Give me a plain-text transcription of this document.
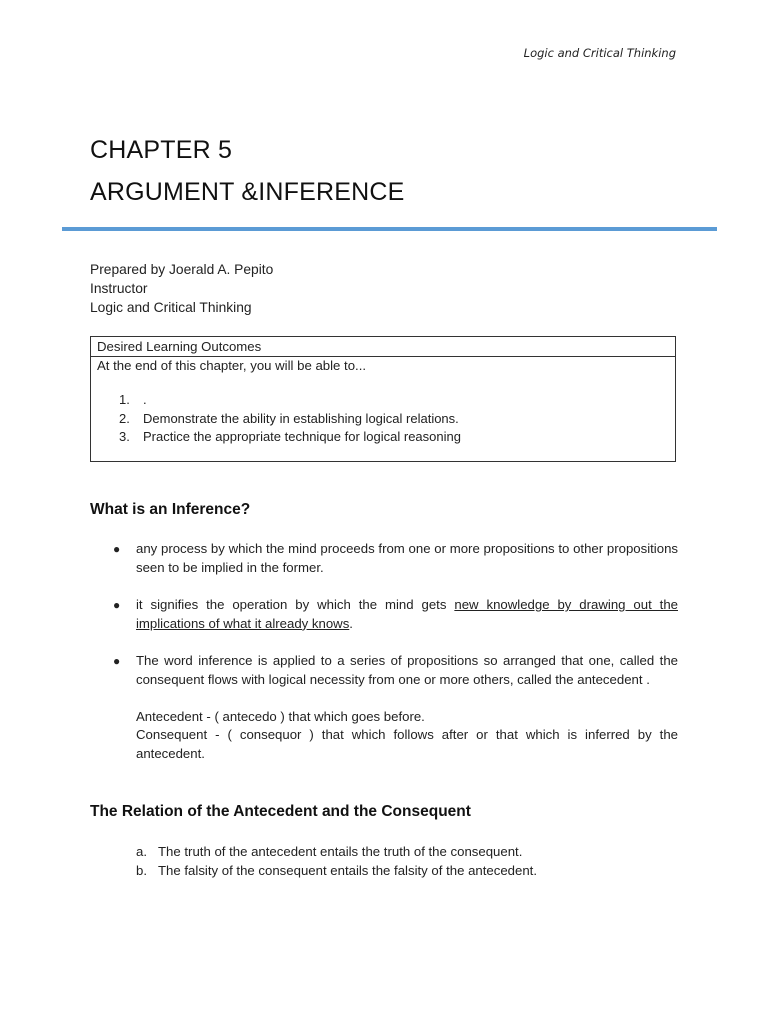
Logic and Critical Thinking
CHAPTER 5
ARGUMENT &INFERENCE
Prepared by Joerald A. Pepito
Instructor
Logic and Critical Thinking
Desired Learning Outcomes
At the end of this chapter, you will be able to...
1. .
2. Demonstrate the ability in establishing logical relations.
3. Practice the appropriate technique for logical reasoning
What is an Inference?
● any process by which the mind proceeds from one or more propositions to other propositions seen to be implied in the former.
● it signifies the operation by which the mind gets new knowledge by drawing out the implications of what it already knows.
● The word inference is applied to a series of propositions so arranged that one, called the consequent flows with logical necessity from one or more others, called the antecedent .
Antecedent - ( antecedo ) that which goes before.
Consequent - ( consequor ) that which follows after or that which is inferred by the antecedent.
The Relation of the Antecedent and the Consequent
a. The truth of the antecedent entails the truth of the consequent.
b. The falsity of the consequent entails the falsity of the antecedent.
